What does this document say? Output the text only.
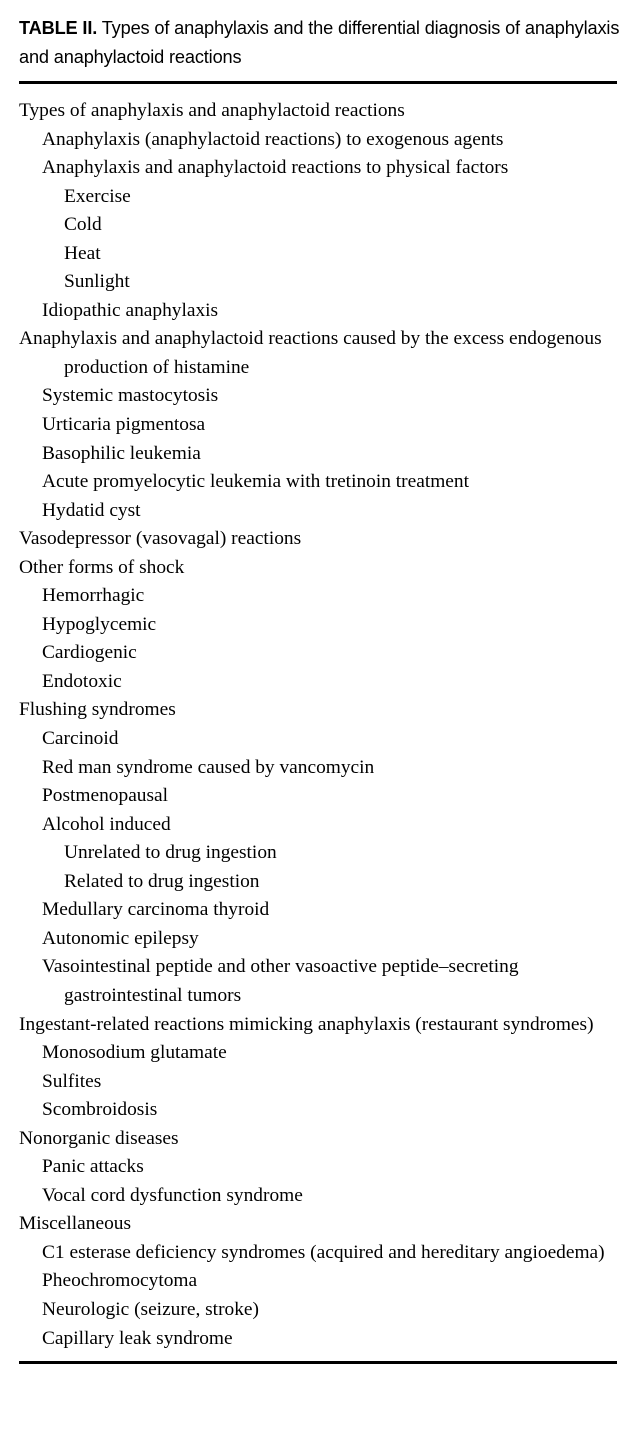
TABLE II. Types of anaphylaxis and the differential diagnosis of anaphylaxis and anaphylactoid reactions
Types of anaphylaxis and anaphylactoid reactions
Anaphylaxis (anaphylactoid reactions) to exogenous agents
Anaphylaxis and anaphylactoid reactions to physical factors
Exercise
Cold
Heat
Sunlight
Idiopathic anaphylaxis
Anaphylaxis and anaphylactoid reactions caused by the excess endogenous production of histamine
Systemic mastocytosis
Urticaria pigmentosa
Basophilic leukemia
Acute promyelocytic leukemia with tretinoin treatment
Hydatid cyst
Vasodepressor (vasovagal) reactions
Other forms of shock
Hemorrhagic
Hypoglycemic
Cardiogenic
Endotoxic
Flushing syndromes
Carcinoid
Red man syndrome caused by vancomycin
Postmenopausal
Alcohol induced
Unrelated to drug ingestion
Related to drug ingestion
Medullary carcinoma thyroid
Autonomic epilepsy
Vasointestinal peptide and other vasoactive peptide–secreting gastrointestinal tumors
Ingestant-related reactions mimicking anaphylaxis (restaurant syndromes)
Monosodium glutamate
Sulfites
Scombroidosis
Nonorganic diseases
Panic attacks
Vocal cord dysfunction syndrome
Miscellaneous
C1 esterase deficiency syndromes (acquired and hereditary angioedema)
Pheochromocytoma
Neurologic (seizure, stroke)
Capillary leak syndrome
